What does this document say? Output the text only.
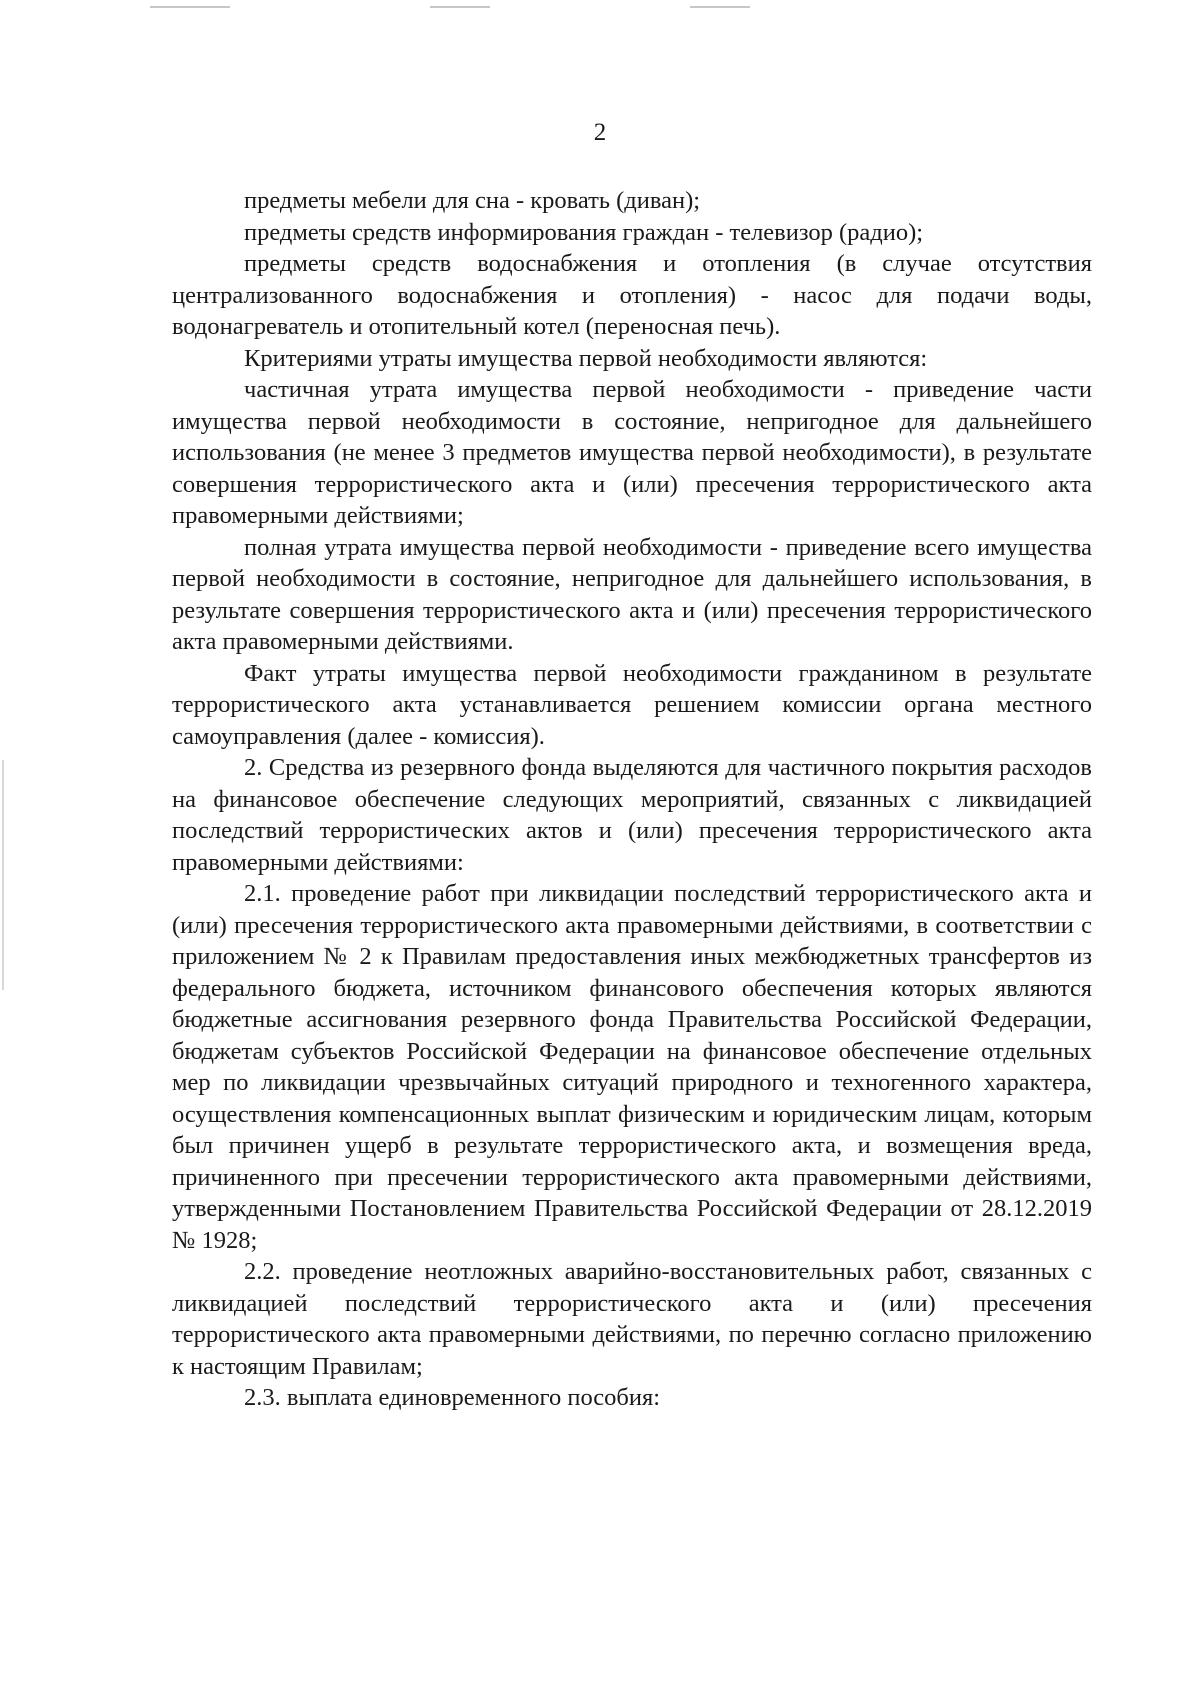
2

предметы мебели для сна - кровать (диван);

предметы средств информирования граждан - телевизор (радио);

предметы средств водоснабжения и отопления (в случае отсутствия централизованного водоснабжения и отопления) - насос для подачи воды, водонагреватель и отопительный котел (переносная печь).

Критериями утраты имущества первой необходимости являются:

частичная утрата имущества первой необходимости - приведение части имущества первой необходимости в состояние, непригодное для дальнейшего использования (не менее 3 предметов имущества первой необходимости), в результате совершения террористического акта и (или) пресечения террористического акта правомерными действиями;

полная утрата имущества первой необходимости - приведение всего имущества первой необходимости в состояние, непригодное для дальнейшего использования, в результате совершения террористического акта и (или) пресечения террористического акта правомерными действиями.

Факт утраты имущества первой необходимости гражданином в результате террористического акта устанавливается решением комиссии органа местного самоуправления (далее - комиссия).

2. Средства из резервного фонда выделяются для частичного покрытия расходов на финансовое обеспечение следующих мероприятий, связанных с ликвидацией последствий террористических актов и (или) пресечения террористического акта правомерными действиями:

2.1. проведение работ при ликвидации последствий террористического акта и (или) пресечения террористического акта правомерными действиями, в соответствии с приложением № 2 к Правилам предоставления иных межбюджетных трансфертов из федерального бюджета, источником финансового обеспечения которых являются бюджетные ассигнования резервного фонда Правительства Российской Федерации, бюджетам субъектов Российской Федерации на финансовое обеспечение отдельных мер по ликвидации чрезвычайных ситуаций природного и техногенного характера, осуществления компенсационных выплат физическим и юридическим лицам, которым был причинен ущерб в результате террористического акта, и возмещения вреда, причиненного при пресечении террористического акта правомерными действиями, утвержденными Постановлением Правительства Российской Федерации от 28.12.2019 № 1928;

2.2. проведение неотложных аварийно-восстановительных работ, связанных с ликвидацией последствий террористического акта и (или) пресечения террористического акта правомерными действиями, по перечню согласно приложению к настоящим Правилам;

2.3. выплата единовременного пособия:
